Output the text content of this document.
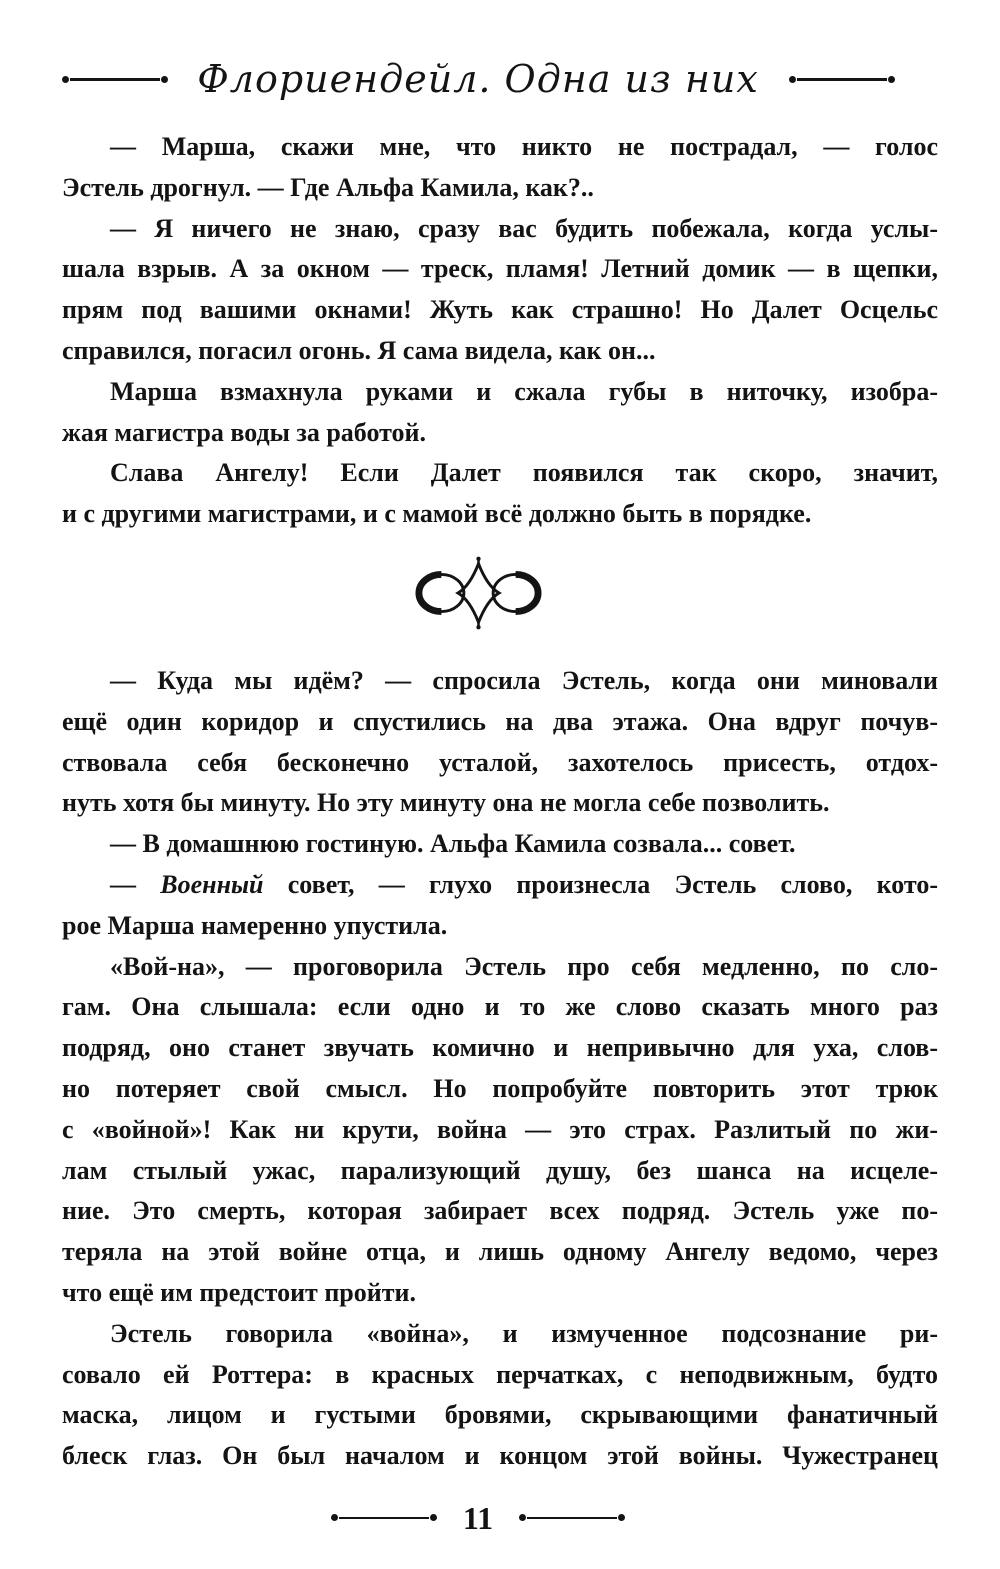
Флориендейл. Одна из них
— Марша, скажи мне, что никто не пострадал, — голос
Эстель дрогнул. — Где Альфа Камила, как?..
— Я ничего не знаю, сразу вас будить побежала, когда услы-
шала взрыв. А за окном — треск, пламя! Летний домик — в щепки,
прям под вашими окнами! Жуть как страшно! Но Далет Осцельс
справился, погасил огонь. Я сама видела, как он...
Марша взмахнула руками и сжала губы в ниточку, изобра-
жая магистра воды за работой.
Слава Ангелу! Если Далет появился так скоро, значит,
и с другими магистрами, и с мамой всё должно быть в порядке.
— Куда мы идём? — спросила Эстель, когда они миновали
ещё один коридор и спустились на два этажа. Она вдруг почув-
ствовала себя бесконечно усталой, захотелось присесть, отдох-
нуть хотя бы минуту. Но эту минуту она не могла себе позволить.
— В домашнюю гостиную. Альфа Камила созвала... совет.
— Военный совет, — глухо произнесла Эстель слово, кото-
рое Марша намеренно упустила.
«Вой-на», — проговорила Эстель про себя медленно, по сло-
гам. Она слышала: если одно и то же слово сказать много раз
подряд, оно станет звучать комично и непривычно для уха, слов-
но потеряет свой смысл. Но попробуйте повторить этот трюк
с «войной»! Как ни крути, война — это страх. Разлитый по жи-
лам стылый ужас, парализующий душу, без шанса на исцеле-
ние. Это смерть, которая забирает всех подряд. Эстель уже по-
теряла на этой войне отца, и лишь одному Ангелу ведомо, через
что ещё им предстоит пройти.
Эстель говорила «война», и измученное подсознание ри-
совало ей Роттера: в красных перчатках, с неподвижным, будто
маска, лицом и густыми бровями, скрывающими фанатичный
блеск глаз. Он был началом и концом этой войны. Чужестранец
11
